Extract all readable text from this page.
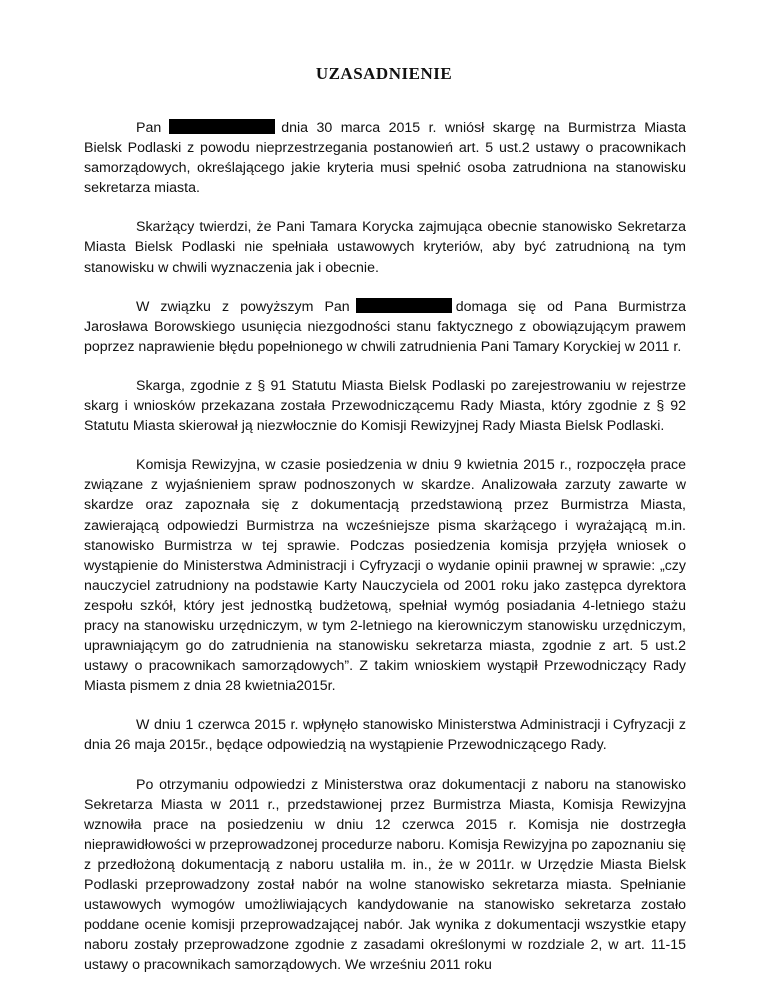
UZASADNIENIE

Pan	dnia 30 marca 2015 r. wniósł skargę na Burmistrza Miasta Bielsk Podlaski z powodu nieprzestrzegania postanowień art. 5 ust.2 ustawy o pracownikach samorządowych, określającego jakie kryteria musi spełnić osoba zatrudniona na stanowisku sekretarza miasta.

Skarżący twierdzi, że Pani Tamara Korycka zajmująca obecnie stanowisko Sekretarza Miasta Bielsk Podlaski nie spełniała ustawowych kryteriów, aby być zatrudnioną na tym stanowisku w chwili wyznaczenia jak i obecnie.

W związku z powyższym Pan	domaga się od Pana Burmistrza Jarosława Borowskiego usunięcia niezgodności stanu faktycznego z obowiązującym prawem poprzez naprawienie błędu popełnionego w chwili zatrudnienia Pani Tamary Koryckiej w 2011 r.

Skarga, zgodnie z § 91 Statutu Miasta Bielsk Podlaski po zarejestrowaniu w rejestrze skarg i wniosków przekazana została Przewodniczącemu Rady Miasta, który zgodnie z § 92 Statutu Miasta skierował ją niezwłocznie do Komisji Rewizyjnej Rady Miasta Bielsk Podlaski.

Komisja Rewizyjna, w czasie posiedzenia w dniu 9 kwietnia 2015 r., rozpoczęła prace związane z wyjaśnieniem spraw podnoszonych w skardze. Analizowała zarzuty zawarte w skardze oraz zapoznała się z dokumentacją przedstawioną przez Burmistrza Miasta, zawierającą odpowiedzi Burmistrza na wcześniejsze pisma skarżącego i wyrażającą m.in. stanowisko Burmistrza w tej sprawie. Podczas posiedzenia komisja przyjęła wniosek o wystąpienie do Ministerstwa Administracji i Cyfryzacji o wydanie opinii prawnej w sprawie: „czy nauczyciel zatrudniony na podstawie Karty Nauczyciela od 2001 roku jako zastępca dyrektora zespołu szkół, który jest jednostką budżetową, spełniał wymóg posiadania 4-letniego stażu pracy na stanowisku urzędniczym, w tym 2-letniego na kierowniczym stanowisku urzędniczym, uprawniającym go do zatrudnienia na stanowisku sekretarza miasta, zgodnie z art. 5 ust.2 ustawy o pracownikach samorządowych”. Z takim wnioskiem wystąpił Przewodniczący Rady Miasta pismem z dnia 28 kwietnia2015r.

W dniu 1 czerwca 2015 r. wpłynęło stanowisko Ministerstwa Administracji i Cyfryzacji z dnia 26 maja 2015r., będące odpowiedzią na wystąpienie Przewodniczącego Rady.

Po otrzymaniu odpowiedzi z Ministerstwa oraz dokumentacji z naboru na stanowisko Sekretarza Miasta w 2011 r., przedstawionej przez Burmistrza Miasta, Komisja Rewizyjna wznowiła prace na posiedzeniu w dniu 12 czerwca 2015 r. Komisja nie dostrzegła nieprawidłowości w przeprowadzonej procedurze naboru. Komisja Rewizyjna po zapoznaniu się z przedłożoną dokumentacją z naboru ustaliła m. in., że w 2011r. w Urzędzie Miasta Bielsk Podlaski przeprowadzony został nabór na wolne stanowisko sekretarza miasta. Spełnianie ustawowych wymogów umożliwiających kandydowanie na stanowisko sekretarza zostało poddane ocenie komisji przeprowadzającej nabór. Jak wynika z dokumentacji wszystkie etapy naboru zostały przeprowadzone zgodnie z zasadami określonymi w rozdziale 2, w art. 11-15 ustawy o pracownikach samorządowych. We wrześniu 2011 roku
